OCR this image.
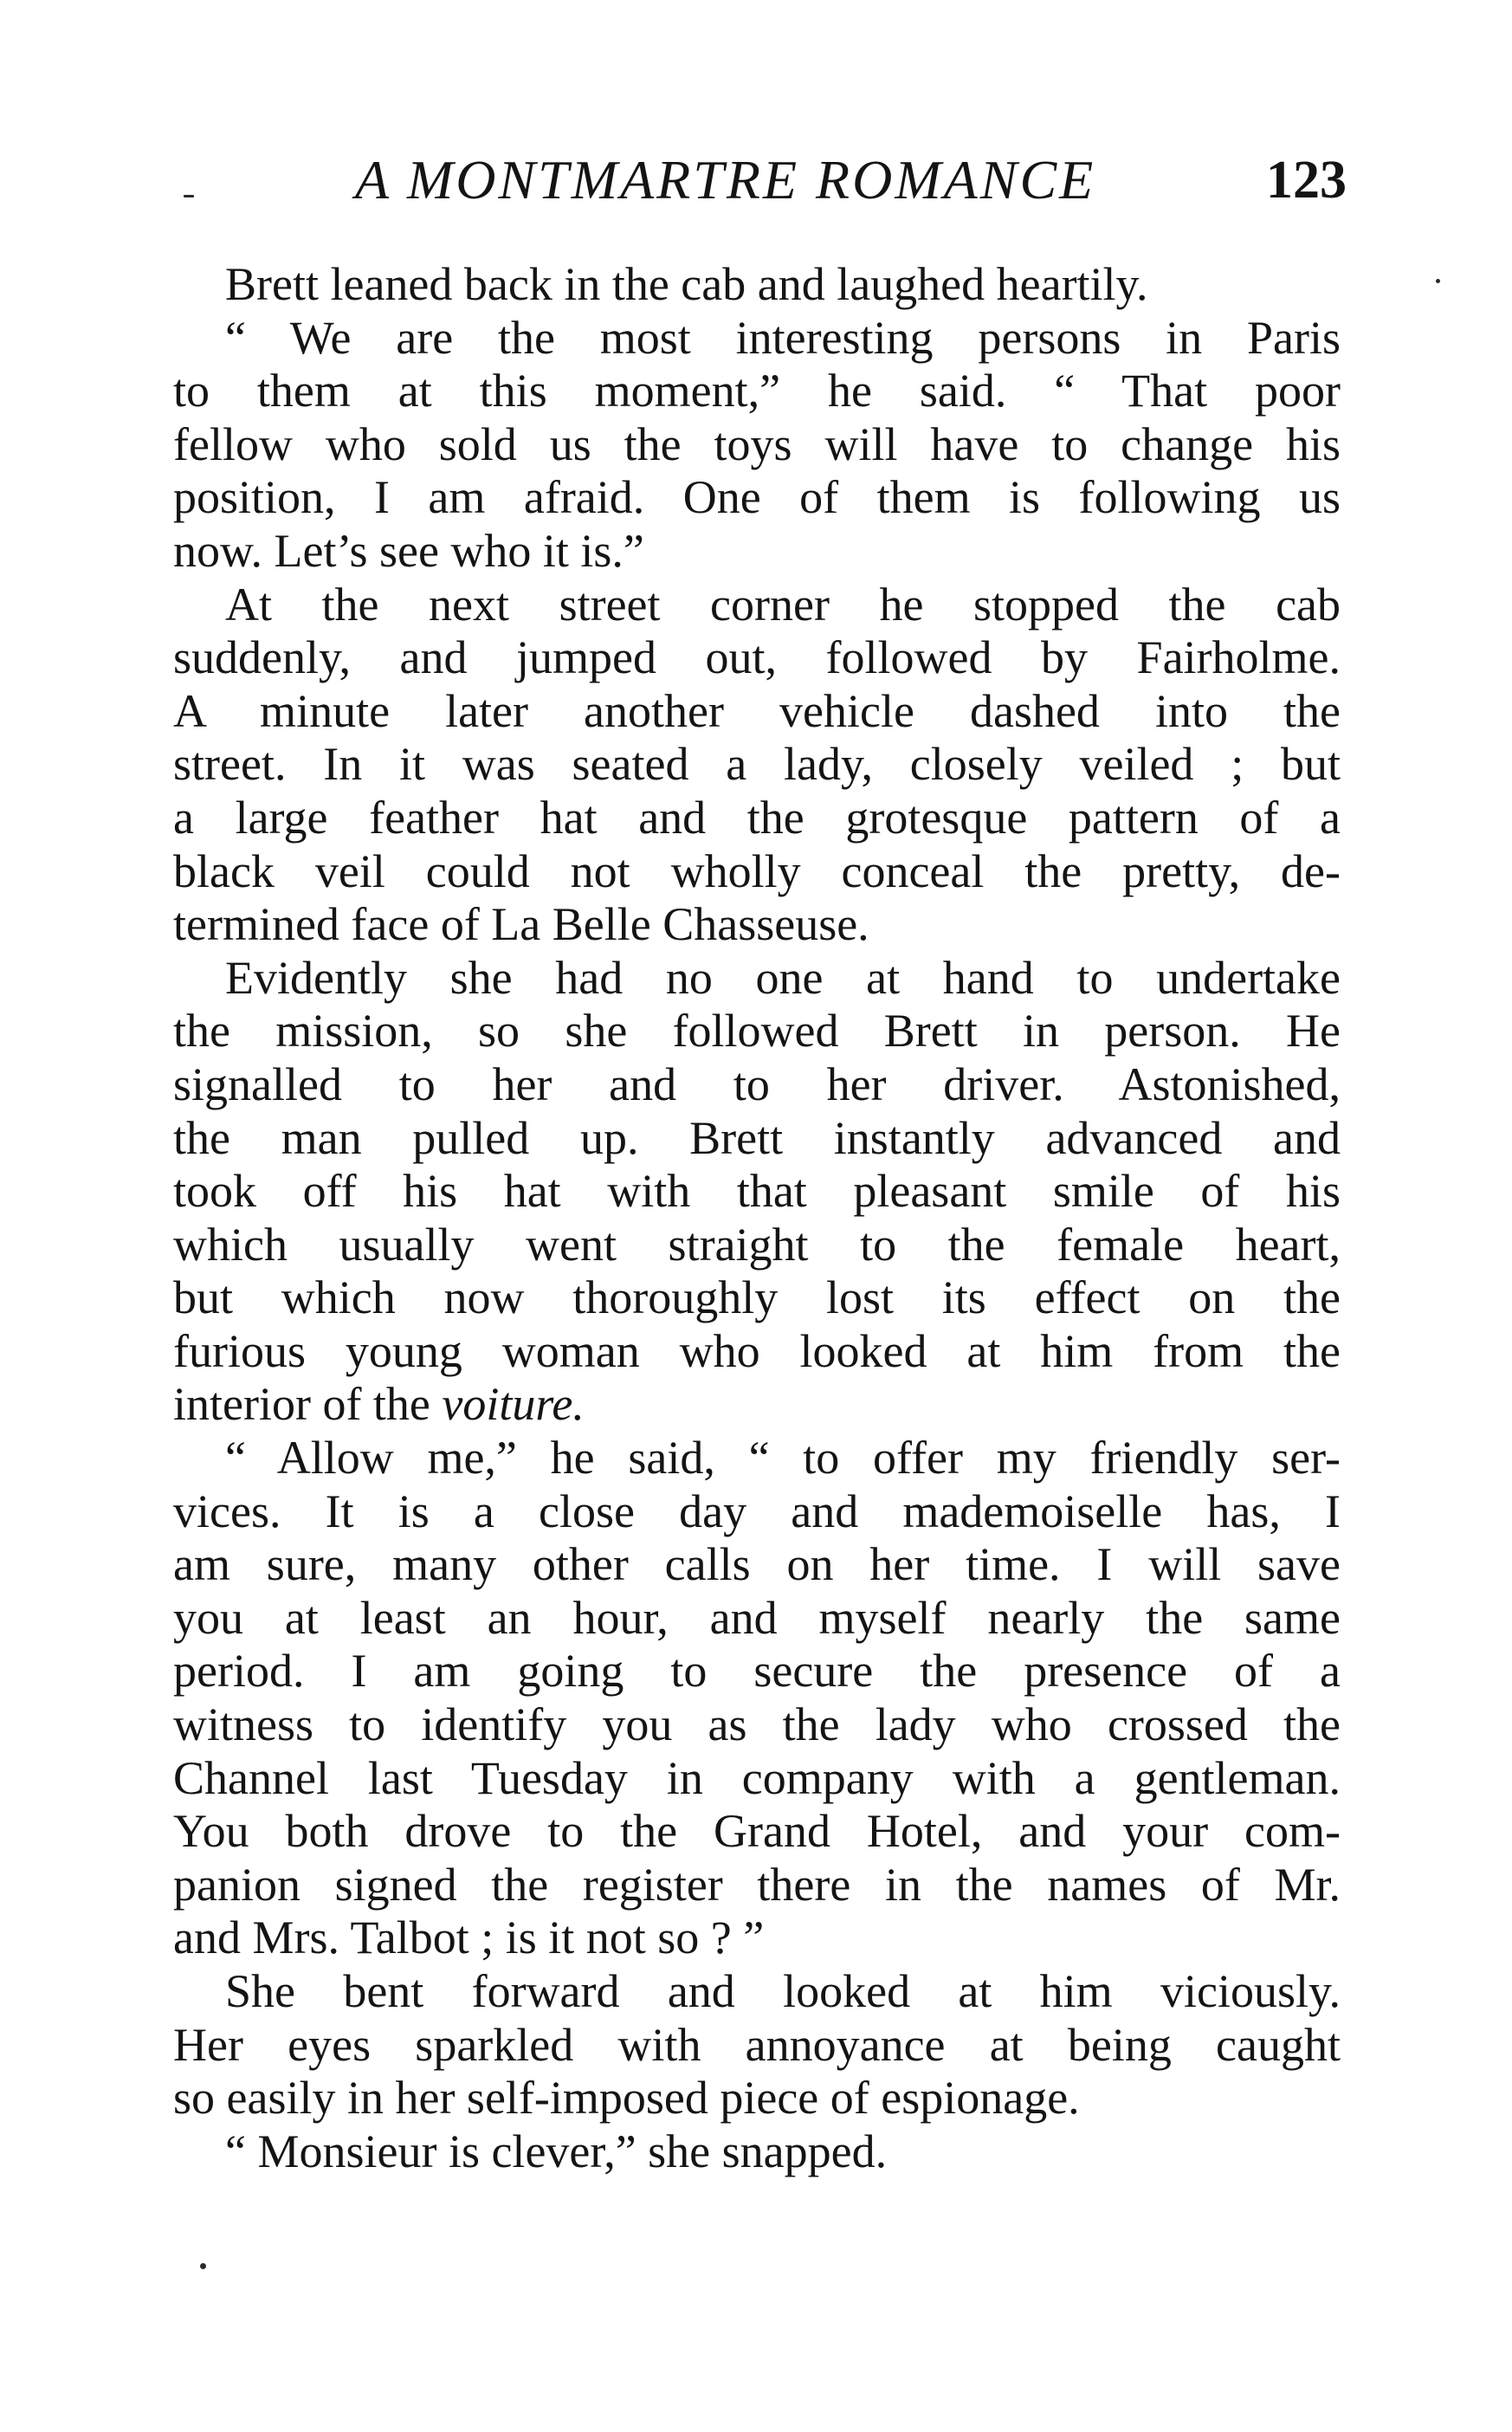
A MONTMARTRE ROMANCE	123
Brett leaned back in the cab and laughed heartily.
“ We are the most interesting persons in Paris
to them at this moment,” he said. “ That poor
fellow who sold us the toys will have to change his
position, I am afraid. One of them is following us
now. Let’s see who it is.”
At the next street corner he stopped the cab
suddenly, and jumped out, followed by Fairholme.
A minute later another vehicle dashed into the
street. In it was seated a lady, closely veiled ; but
a large feather hat and the grotesque pattern of a
black veil could not wholly conceal the pretty, de-
termined face of La Belle Chasseuse.
Evidently she had no one at hand to undertake
the mission, so she followed Brett in person. He
signalled to her and to her driver. Astonished,
the man pulled up. Brett instantly advanced and
took off his hat with that pleasant smile of his
which usually went straight to the female heart,
but which now thoroughly lost its effect on the
furious young woman who looked at him from the
interior of the voiture.
“ Allow me,” he said, “ to offer my friendly ser-
vices. It is a close day and mademoiselle has, I
am sure, many other calls on her time. I will save
you at least an hour, and myself nearly the same
period. I am going to secure the presence of a
witness to identify you as the lady who crossed the
Channel last Tuesday in company with a gentleman.
You both drove to the Grand Hotel, and your com-
panion signed the register there in the names of Mr.
and Mrs. Talbot ; is it not so ? ”
She bent forward and looked at him viciously.
Her eyes sparkled with annoyance at being caught
so easily in her self-imposed piece of espionage.
“ Monsieur is clever,” she snapped.
